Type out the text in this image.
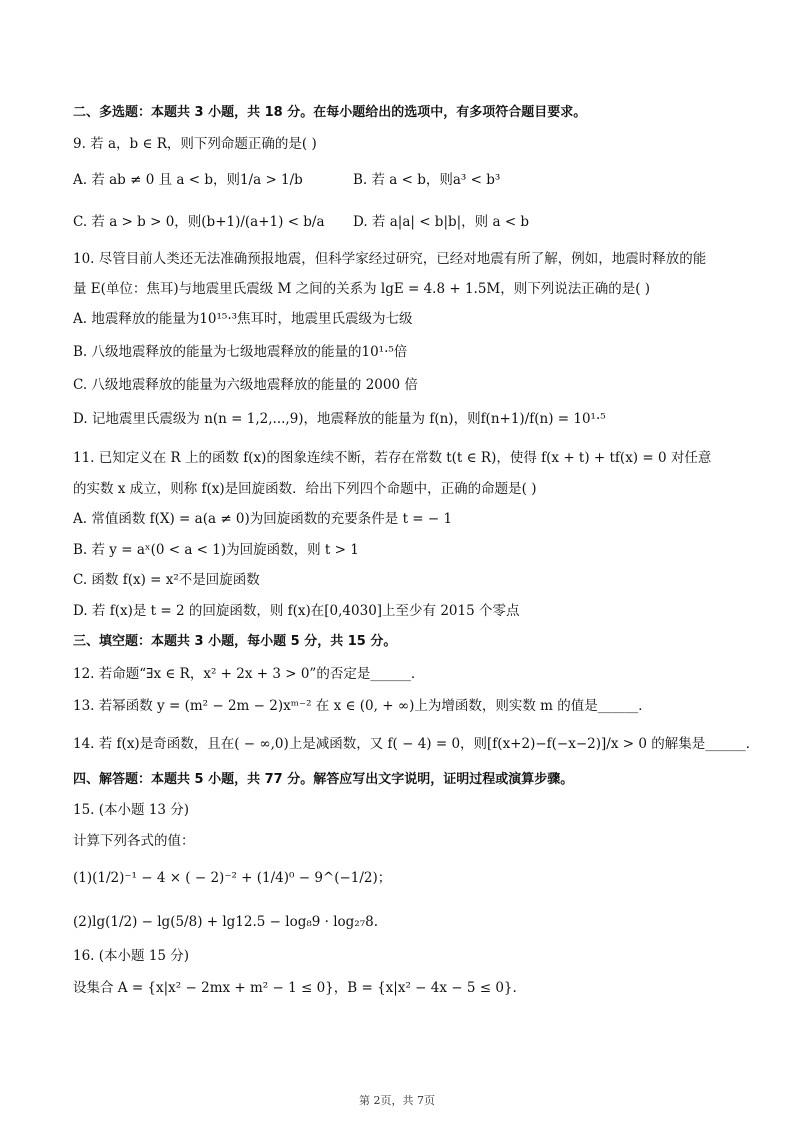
二、多选题：本题共 3 小题，共 18 分。在每小题给出的选项中，有多项符合题目要求。
9. 若 a，b ∈ R，则下列命题正确的是( )
A. 若 ab ≠ 0 且 a < b，则1/a > 1/b	B. 若 a < b，则a³ < b³
C. 若 a > b > 0，则(b+1)/(a+1) < b/a D. 若 a|a| < b|b|，则 a < b
10. 尽管目前人类还无法准确预报地震，但科学家经过研究，已经对地震有所了解，例如，地震时释放的能
量 E(单位：焦耳)与地震里氏震级 M 之间的关系为 lgE = 4.8 + 1.5M，则下列说法正确的是( )
A. 地震释放的能量为10¹⁵·³焦耳时，地震里氏震级为七级
B. 八级地震释放的能量为七级地震释放的能量的10¹·⁵倍
C. 八级地震释放的能量为六级地震释放的能量的 2000 倍
D. 记地震里氏震级为 n(n = 1,2,...,9)，地震释放的能量为 f(n)，则f(n+1)/f(n) = 10¹·⁵
11. 已知定义在 R 上的函数 f(x)的图象连续不断，若存在常数 t(t ∈ R)，使得 f(x + t) + tf(x) = 0 对任意
的实数 x 成立，则称 f(x)是回旋函数．给出下列四个命题中，正确的命题是( )
A. 常值函数 f(X) = a(a ≠ 0)为回旋函数的充要条件是 t = − 1
B. 若 y = aˣ(0 < a < 1)为回旋函数，则 t > 1
C. 函数 f(x) = x²不是回旋函数
D. 若 f(x)是 t = 2 的回旋函数，则 f(x)在[0,4030]上至少有 2015 个零点
三、填空题：本题共 3 小题，每小题 5 分，共 15 分。
12. 若命题“∃x ∈ R，x² + 2x + 3 > 0”的否定是______．
13. 若幂函数 y = (m² − 2m − 2)xᵐ⁻² 在 x ∈ (0, + ∞)上为增函数，则实数 m 的值是______．
14. 若 f(x)是奇函数，且在( − ∞,0)上是减函数，又 f( − 4) = 0，则[f(x+2)−f(−x−2)]/x > 0 的解集是______．
四、解答题：本题共 5 小题，共 77 分。解答应写出文字说明，证明过程或演算步骤。
15. (本小题 13 分)
计算下列各式的值：
(1)(1/2)⁻¹ − 4 × ( − 2)⁻² + (1/4)⁰ − 9^(−1/2)；
(2)lg(1/2) − lg(5/8) + lg12.5 − log₈9 · log₂₇8.
16. (本小题 15 分)
设集合 A = {x|x² − 2mx + m² − 1 ≤ 0}，B = {x|x² − 4x − 5 ≤ 0}.
第 2页，共 7页
